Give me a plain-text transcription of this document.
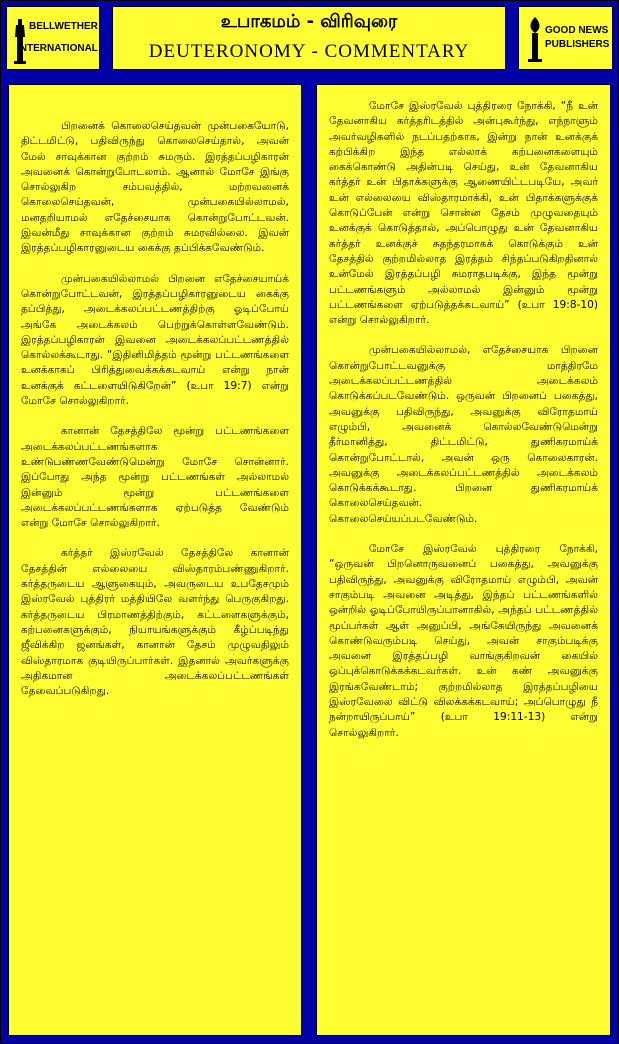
BELLWETHER
INTERNATIONAL
உபாகமம் - விரிவுரை
DEUTERONOMY - COMMENTARY
GOOD NEWS
PUBLISHERS

பிறனைக் கொலைசெய்தவன் முன்பகையோடு, திட்டமிட்டு, பதிவிருந்து கொலைசெய்தால், அவன் மேல் சாவுக்கான குற்றம் சுமரும். இரத்தப்பழிகாரன் அவனைக் கொன்றுபோடலாம். ஆனால் மோசே இங்கு சொல்லுகிற சம்பவத்தில், மற்றவனைக் கொலைசெய்தவன், முன்பகையில்லாமல், மனதறியாமல் எதேச்சையாக கொன்றுபோட்டவன். இவன்மீது சாவுக்கான குற்றம் சுமரவில்லை. இவன் இரத்தப்பழிகாரனுடைய கைக்கு தப்பிக்கவேண்டும்.

முன்பகையில்லாமல் பிறனை எதேச்சையாய்க் கொன்றுபோட்டவன், இரத்தப்பழிகாரனுடைய கைக்கு தப்பித்து, அடைக்கலப்பட்டணத்திற்கு ஓடிப்போய் அங்கே அடைக்கலம் பெற்றுக்கொள்ளவேண்டும். இரத்தப்பழிகாரன் இவனை அடைக்கலப்பட்டணத்தில் கொல்லக்கூடாது. “இதினிமித்தம் மூன்று பட்டணங்களை உனக்காகப் பிரித்துவைக்கக்கடவாய் என்று நான் உனக்குக் கட்டளையிடுகிறேன்” (உபா 19:7) என்று மோசே சொல்லுகிறார்.

கானான் தேசத்திலே மூன்று பட்டணங்களை அடைக்கலப்பட்டணங்களாக உண்டுபண்ணவேண்டுமென்று மோசே சொன்னார். இப்போது அந்த மூன்று பட்டணங்கள் அல்லாமல் இன்னும் மூன்று பட்டணங்களை அடைக்கலப்பட்டணங்களாக ஏற்படுத்த வேண்டும் என்று மோசே சொல்லுகிறார்.

கர்த்தர் இஸ்ரவேல் தேசத்திலே கானான் தேசத்தின் எல்லையை விஸ்தாரம்பண்ணுகிறார். கர்த்தருடைய ஆளுகையும், அவருடைய உபதேசமும் இஸ்ரவேல் புத்திரர் மத்தியிலே வளர்ந்து பெருகுகிறது. கர்த்தருடைய பிரமாணத்திற்கும், கட்டளைகளுக்கும், கற்பனைகளுக்கும், நியாயங்களுக்கும் கீழ்ப்படிந்து ஜீவிக்கிற ஜனங்கள், கானான் தேசம் முழுவதிலும் விஸ்தாரமாக குடியிருப்பார்கள். இதனால் அவர்களுக்கு அதிகமான அடைக்கலப்பட்டணங்கள் தேவைப்படுகிறது.

மோசே இஸ்ரவேல் புத்திரரை நோக்கி, “நீ உன் தேவனாகிய கர்த்தரிடத்தில் அன்புகூர்ந்து, எந்நாளும் அவர்வழிகளில் நடப்பதற்காக, இன்று நான் உனக்குக் கற்பிக்கிற இந்த எல்லாக் கற்பனைகளையும் கைக்கொண்டு அதின்படி செய்து, உன் தேவனாகிய கர்த்தர் உன் பிதாக்களுக்கு ஆணையிட்டபடியே, அவர் உன் எல்லையை விஸ்தாரமாக்கி, உன் பிதாக்களுக்குக் கொடுப்பேன் என்று சொன்ன தேசம் முழுவதையும் உனக்குக் கொடுத்தால், அப்பொழுது உன் தேவனாகிய கர்த்தர் உனக்குச் சுதந்தரமாகக் கொடுக்கும் உன் தேசத்தில் குற்றமில்லாத இரத்தம் சிந்தப்படுகிறதினால் உன்மேல் இரத்தப்பழி சுமராதபடிக்கு, இந்த மூன்று பட்டணங்களும் அல்லாமல் இன்னும் மூன்று பட்டணங்களை ஏற்படுத்தக்கடவாய்” (உபா 19:8-10) என்று சொல்லுகிறார்.

முன்பகையில்லாமல், எதேச்சையாக பிறனை கொன்றுபோட்டவனுக்கு மாத்திரமே அடைக்கலப்பட்டணத்தில் அடைக்கலம் கொடுக்கப்படவேண்டும். ஒருவன் பிறனைப் பகைத்து, அவனுக்கு பதிவிருந்து, அவனுக்கு விரோதமாய் எழும்பி, அவனைக் கொல்லவேண்டுமென்று தீர்மானித்து, திட்டமிட்டு, துணிகரமாய்க் கொன்றுபோட்டால், அவன் ஒரு கொலைகாரன். அவனுக்கு அடைக்கலப்பட்டணத்தில் அடைக்கலம் கொடுக்கக்கூடாது. பிறனை துணிகரமாய்க் கொலைசெய்தவன்.

கொலைசெய்யப்படவேண்டும்.

மோசே இஸ்ரவேல் புத்திரரை நோக்கி, “ஒருவன் பிறனொருவனைப் பகைத்து, அவனுக்கு பதிவிருந்து, அவனுக்கு விரோதமாய் எழும்பி, அவன் சாகும்படி அவனை அடித்து, இந்தப் பட்டணங்களில் ஒன்றில் ஓடிப்போயிருப்பானாகில், அந்தப் பட்டணத்தில் மூப்பர்கள் ஆள் அனுப்பி, அங்கேயிருந்து அவனைக் கொண்டுவரும்படி செய்து, அவன் சாகும்படிக்கு அவனை இரத்தப்பழி வாங்குகிறவன் கையில் ஒப்புக்கொடுக்கக்கடவர்கள். உன் கண் அவனுக்கு இரங்கவேண்டாம்; குற்றமில்லாத இரத்தப்பழியை இஸ்ரவேலை விட்டு விலக்கக்கடவாய்; அப்பொழுது நீ நன்றாயிருப்பாய்” (உபா 19:11-13) என்று சொல்லுகிறார்.
